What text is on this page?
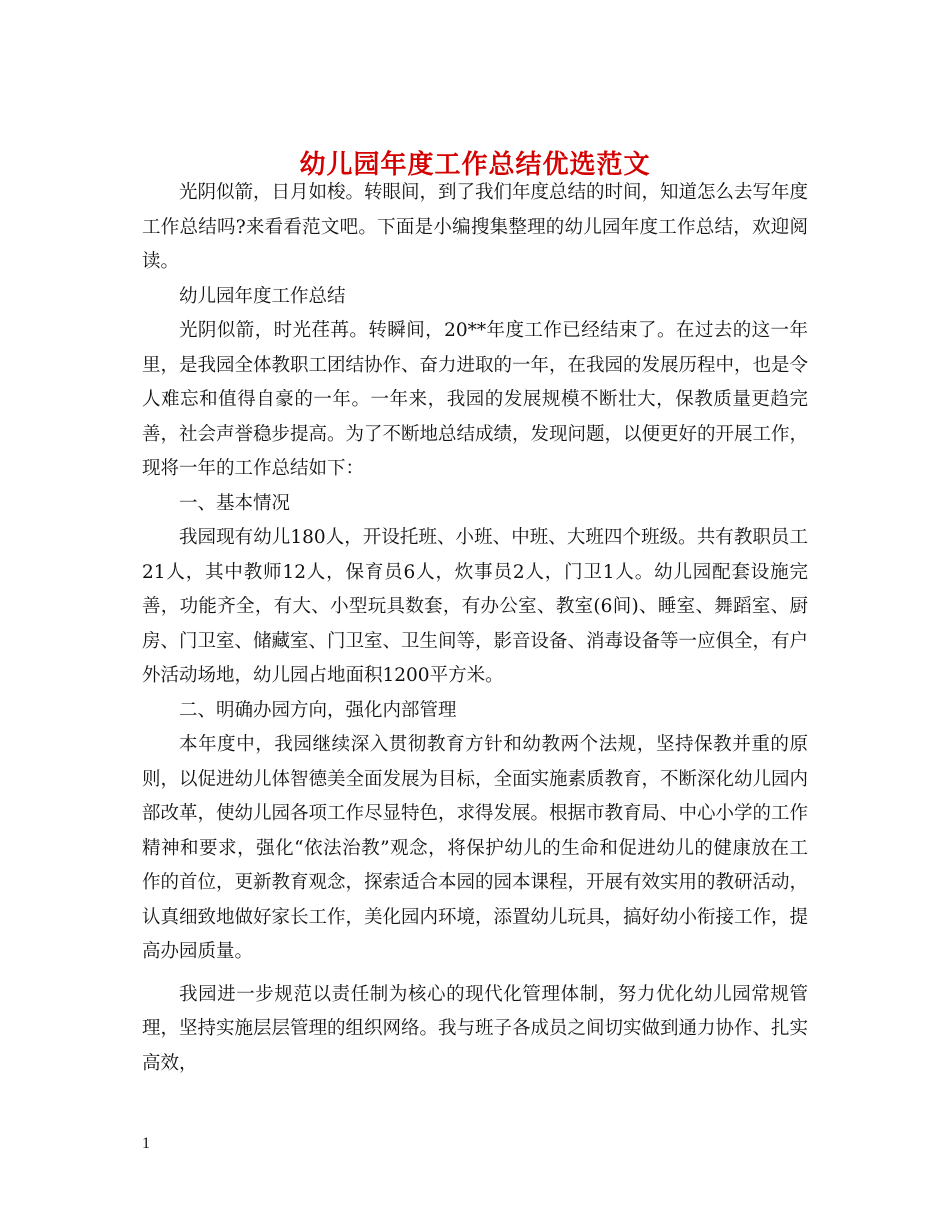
幼儿园年度工作总结优选范文

光阴似箭，日月如梭。转眼间，到了我们年度总结的时间，知道怎么去写年度工作总结吗?来看看范文吧。下面是小编搜集整理的幼儿园年度工作总结，欢迎阅读。

幼儿园年度工作总结

光阴似箭，时光荏苒。转瞬间，20**年度工作已经结束了。在过去的这一年里，是我园全体教职工团结协作、奋力进取的一年，在我园的发展历程中，也是令人难忘和值得自豪的一年。一年来，我园的发展规模不断壮大，保教质量更趋完善，社会声誉稳步提高。为了不断地总结成绩，发现问题，以便更好的开展工作，现将一年的工作总结如下：

一、基本情况

我园现有幼儿180人，开设托班、小班、中班、大班四个班级。共有教职员工21人，其中教师12人，保育员6人，炊事员2人，门卫1人。幼儿园配套设施完善，功能齐全，有大、小型玩具数套，有办公室、教室(6间)、睡室、舞蹈室、厨房、门卫室、储藏室、门卫室、卫生间等，影音设备、消毒设备等一应俱全，有户外活动场地，幼儿园占地面积1200平方米。

二、明确办园方向，强化内部管理

本年度中，我园继续深入贯彻教育方针和幼教两个法规，坚持保教并重的原则，以促进幼儿体智德美全面发展为目标，全面实施素质教育，不断深化幼儿园内部改革，使幼儿园各项工作尽显特色，求得发展。根据市教育局、中心小学的工作精神和要求，强化“依法治教”观念，将保护幼儿的生命和促进幼儿的健康放在工作的首位，更新教育观念，探索适合本园的园本课程，开展有效实用的教研活动，认真细致地做好家长工作，美化园内环境，添置幼儿玩具，搞好幼小衔接工作，提高办园质量。

我园进一步规范以责任制为核心的现代化管理体制，努力优化幼儿园常规管理，坚持实施层层管理的组织网络。我与班子各成员之间切实做到通力协作、扎实高效，

1
